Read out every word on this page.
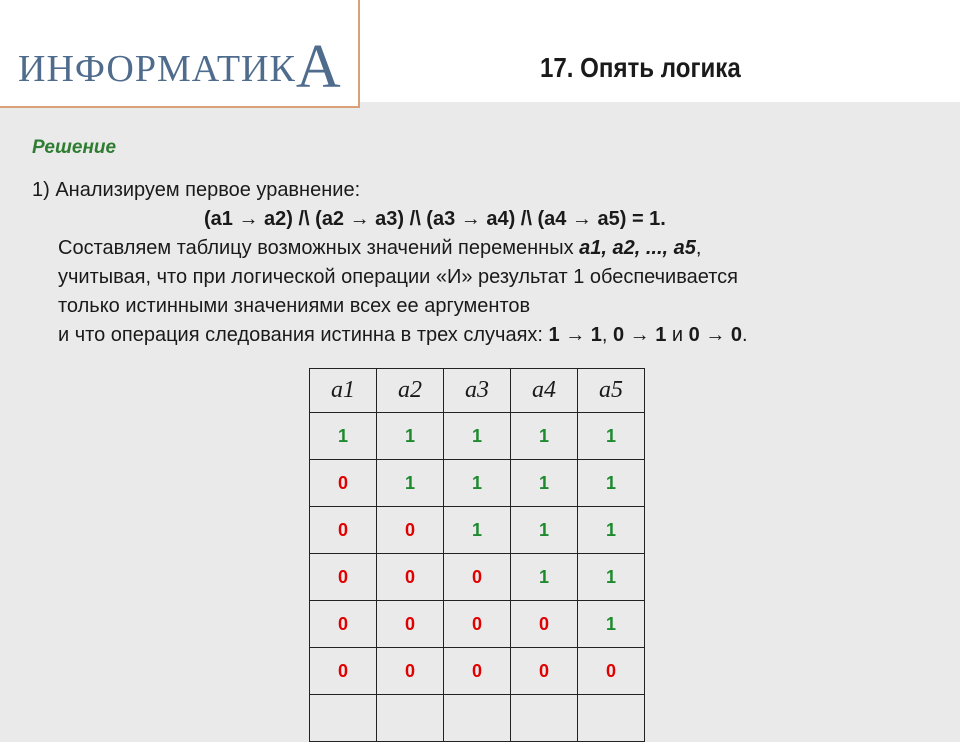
ИНФОРМАТИКА	17. Опять логика
Решение
1) Анализируем первое уравнение:
(a1 → a2) /\ (a2 → a3) /\ (a3 → a4) /\ (a4 → a5) = 1.
Составляем таблицу возможных значений переменных a1, a2, ..., a5,
учитывая, что при логической операции «И» результат 1 обеспечивается
только истинными значениями всех ее аргументов
и что операция следования истинна в трех случаях: 1 → 1, 0 → 1 и 0 → 0.
a1	a2	a3	a4	a5
1	1	1	1	1
0	1	1	1	1
0	0	1	1	1
0	0	0	1	1
0	0	0	0	1
0	0	0	0	0
